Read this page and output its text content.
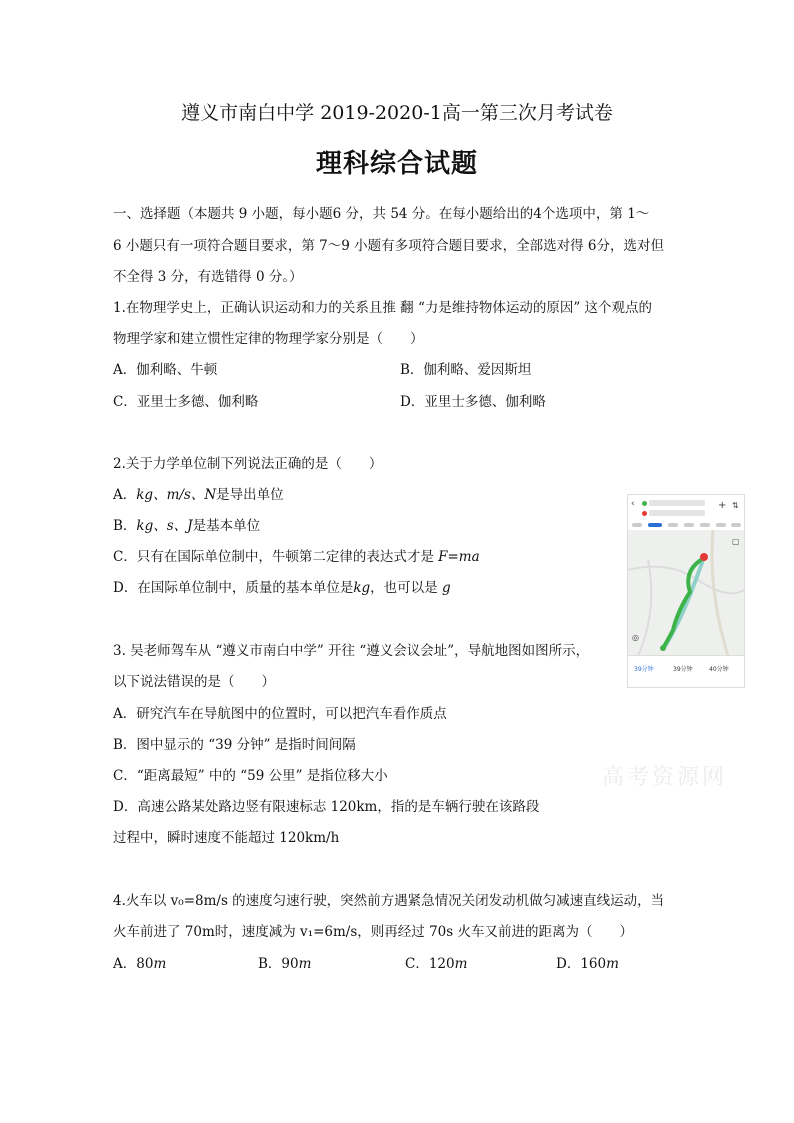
遵义市南白中学 2019-2020-1高一第三次月考试卷
理科综合试题
一、选择题（本题共 9 小题，每小题6 分，共 54 分。在每小题给出的4个选项中，第 1～
6 小题只有一项符合题目要求，第 7～9 小题有多项符合题目要求，全部选对得 6分，选对但
不全得 3 分，有选错得 0 分。）
1.在物理学史上，正确认识运动和力的关系且推 翻 “力是维持物体运动的原因” 这个观点的
物理学家和建立惯性定律的物理学家分别是（　　）
A．伽利略、牛顿	B．伽利略、爱因斯坦
C．亚里士多德、伽利略	D．亚里士多德、伽利略
2.关于力学单位制下列说法正确的是（　　）
A．kg、m/s、N是导出单位
B．kg、s、J是基本单位
C．只有在国际单位制中，牛顿第二定律的表达式才是 F=ma
D．在国际单位制中，质量的基本单位是kg，也可以是 g
‹	+ ⇅
▢
◎
39分钟	39分钟	40分钟
3. 吴老师驾车从 “遵义市南白中学” 开往 “遵义会议会址”，导航地图如图所示，
以下说法错误的是（　　）
A．研究汽车在导航图中的位置时，可以把汽车看作质点
B．图中显示的 “39 分钟” 是指时间间隔
C．“距离最短” 中的 “59 公里” 是指位移大小
D．高速公路某处路边竖有限速标志 120km，指的是车辆行驶在该路段
过程中，瞬时速度不能超过 120km/h
高考资源网
4.火车以 v₀=8m/s 的速度匀速行驶，突然前方遇紧急情况关闭发动机做匀减速直线运动，当
火车前进了 70m时，速度减为 v₁=6m/s，则再经过 70s 火车又前进的距离为（　　）
A．80m	B．90m	C．120m	D．160m
